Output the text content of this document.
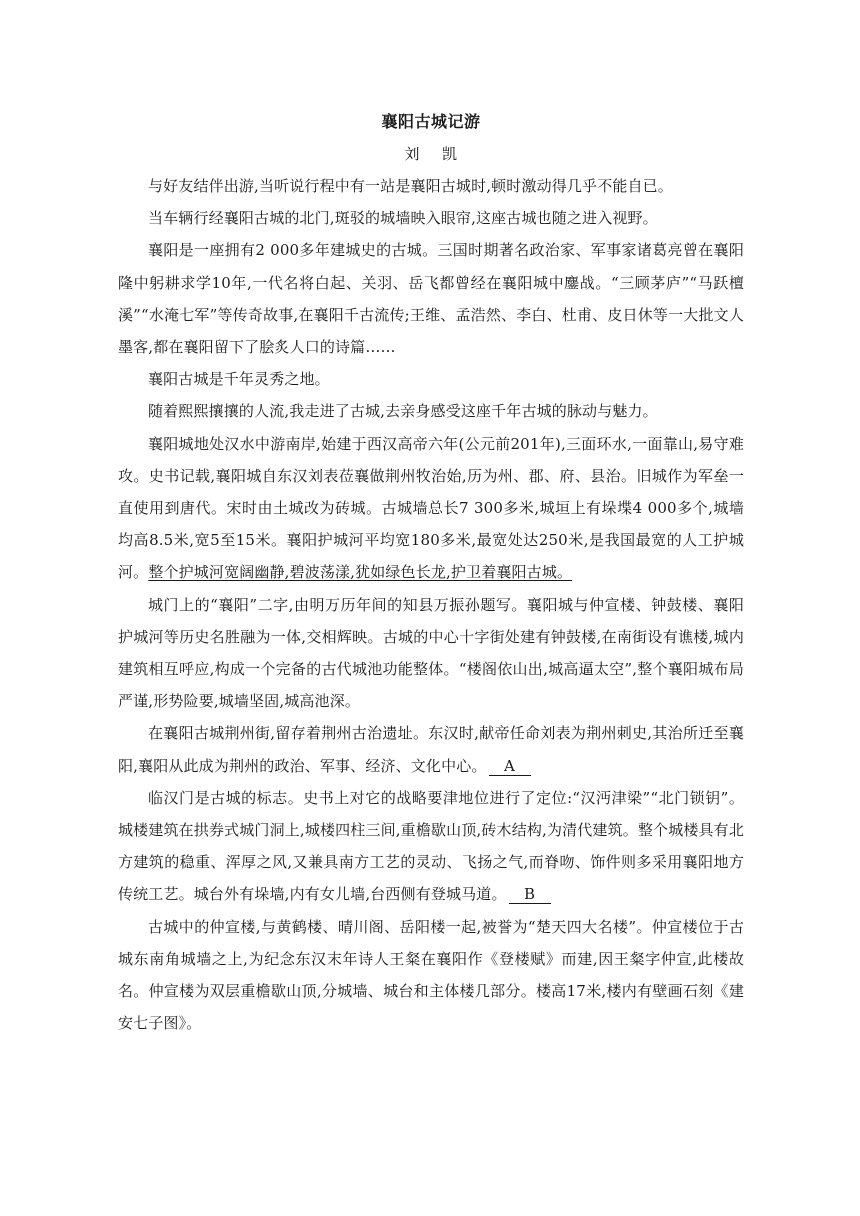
襄阳古城记游

刘 凯

与好友结伴出游,当听说行程中有一站是襄阳古城时,顿时激动得几乎不能自已。

当车辆行经襄阳古城的北门,斑驳的城墙映入眼帘,这座古城也随之进入视野。

襄阳是一座拥有2 000多年建城史的古城。三国时期著名政治家、军事家诸葛亮曾在襄阳隆中躬耕求学10年,一代名将白起、关羽、岳飞都曾经在襄阳城中鏖战。“三顾茅庐”“马跃檀溪”“水淹七军”等传奇故事,在襄阳千古流传;王维、孟浩然、李白、杜甫、皮日休等一大批文人墨客,都在襄阳留下了脍炙人口的诗篇……

襄阳古城是千年灵秀之地。

随着熙熙攘攘的人流,我走进了古城,去亲身感受这座千年古城的脉动与魅力。

襄阳城地处汉水中游南岸,始建于西汉高帝六年(公元前201年),三面环水,一面靠山,易守难攻。史书记载,襄阳城自东汉刘表莅襄做荆州牧治始,历为州、郡、府、县治。旧城作为军垒一直使用到唐代。宋时由土城改为砖城。古城墙总长7 300多米,城垣上有垛堞4 000多个,城墙均高8.5米,宽5至15米。襄阳护城河平均宽180多米,最宽处达250米,是我国最宽的人工护城河。整个护城河宽阔幽静,碧波荡漾,犹如绿色长龙,护卫着襄阳古城。

城门上的“襄阳”二字,由明万历年间的知县万振孙题写。襄阳城与仲宣楼、钟鼓楼、襄阳护城河等历史名胜融为一体,交相辉映。古城的中心十字街处建有钟鼓楼,在南街设有谯楼,城内建筑相互呼应,构成一个完备的古代城池功能整体。“楼阁依山出,城高逼太空”,整个襄阳城布局严谨,形势险要,城墙坚固,城高池深。

在襄阳古城荆州街,留存着荆州古治遗址。东汉时,献帝任命刘表为荆州刺史,其治所迁至襄阳,襄阳从此成为荆州的政治、军事、经济、文化中心。 A

临汉门是古城的标志。史书上对它的战略要津地位进行了定位:“汉沔津梁”“北门锁钥”。城楼建筑在拱券式城门洞上,城楼四柱三间,重檐歇山顶,砖木结构,为清代建筑。整个城楼具有北方建筑的稳重、浑厚之风,又兼具南方工艺的灵动、飞扬之气,而脊吻、饰件则多采用襄阳地方传统工艺。城台外有垛墙,内有女儿墙,台西侧有登城马道。 B

古城中的仲宣楼,与黄鹤楼、晴川阁、岳阳楼一起,被誉为“楚天四大名楼”。仲宣楼位于古城东南角城墙之上,为纪念东汉末年诗人王粲在襄阳作《登楼赋》而建,因王粲字仲宣,此楼故名。仲宣楼为双层重檐歇山顶,分城墙、城台和主体楼几部分。楼高17米,楼内有壁画石刻《建安七子图》。
